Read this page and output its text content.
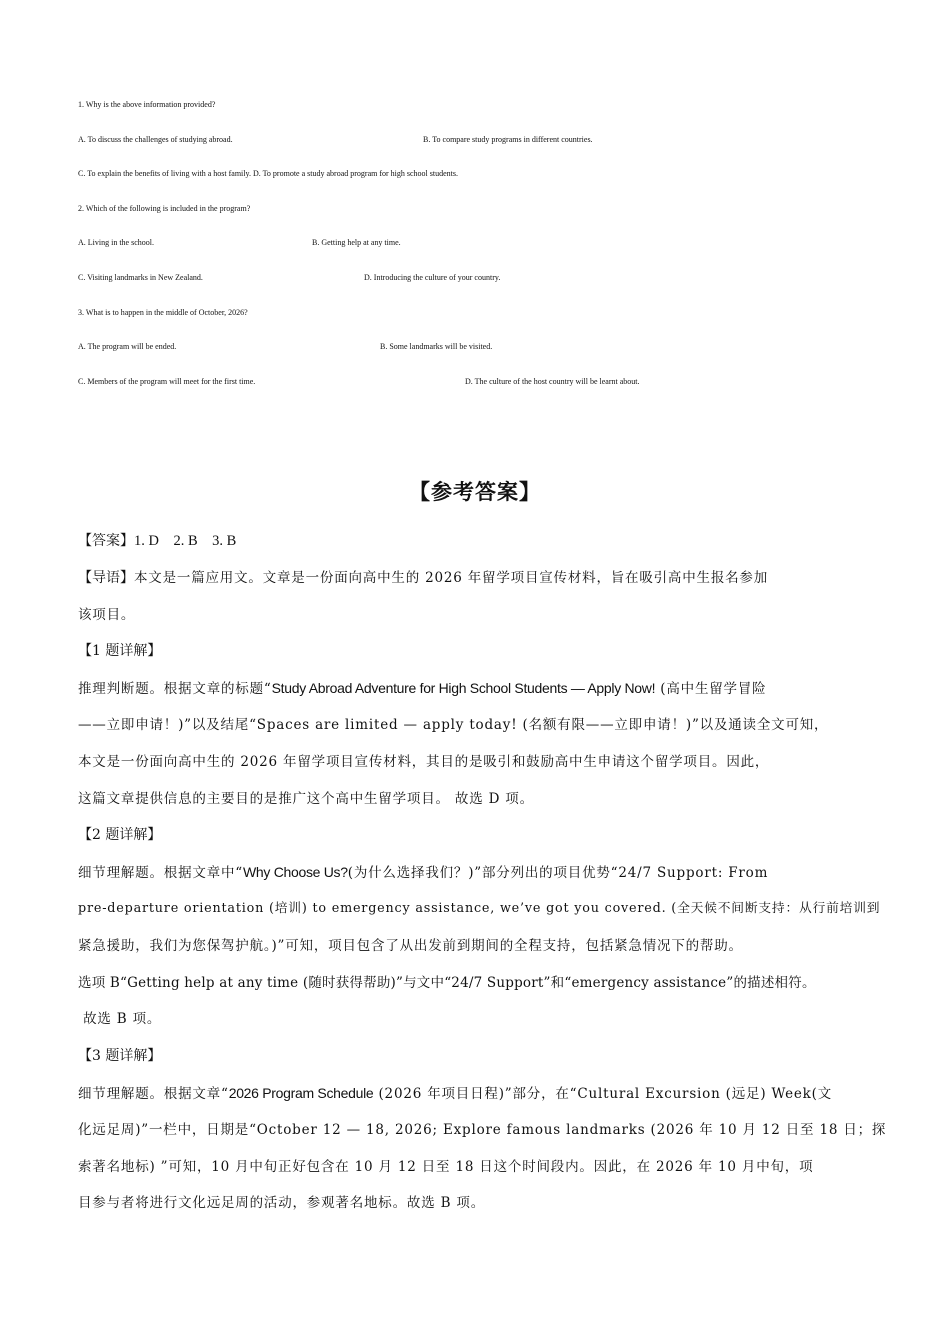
1. Why is the above information provided?
A. To discuss the challenges of studying abroad.	B. To compare study programs in different countries.
C. To explain the benefits of living with a host family. D. To promote a study abroad program for high school students.
2. Which of the following is included in the program?
A. Living in the school.	B. Getting help at any time.
C. Visiting landmarks in New Zealand.	D. Introducing the culture of your country.
3. What is to happen in the middle of October, 2026?
A. The program will be ended.	B. Some landmarks will be visited.
C. Members of the program will meet for the first time.	D. The culture of the host country will be learnt about.
【参考答案】
【答案】1. D    2. B    3. B
【导语】本文是一篇应用文。文章是一份面向高中生的 2026 年留学项目宣传材料，旨在吸引高中生报名参加
该项目。
【1 题详解】
推理判断题。根据文章的标题“Study Abroad Adventure for High School Students — Apply Now! (高中生留学冒险
——立即申请！)”以及结尾“Spaces are limited — apply today! (名额有限——立即申请！)”以及通读全文可知，
本文是一份面向高中生的 2026 年留学项目宣传材料，其目的是吸引和鼓励高中生申请这个留学项目。因此，
这篇文章提供信息的主要目的是推广这个高中生留学项目。 故选 D 项。
【2 题详解】
细节理解题。根据文章中“Why Choose Us?(为什么选择我们？)”部分列出的项目优势“24/7 Support: From
pre-departure orientation (培训) to emergency assistance, we’ve got you covered. (全天候不间断支持：从行前培训到
紧急援助，我们为您保驾护航。)”可知，项目包含了从出发前到期间的全程支持，包括紧急情况下的帮助。
选项 B“Getting help at any time (随时获得帮助)”与文中“24/7 Support”和“emergency assistance”的描述相符。
故选 B 项。
【3 题详解】
细节理解题。根据文章“2026 Program Schedule (2026 年项目日程)”部分，在“Cultural Excursion (远足) Week(文
化远足周)”一栏中，日期是“October 12 — 18, 2026; Explore famous landmarks (2026 年 10 月 12 日至 18 日；探
索著名地标) ”可知，10 月中旬正好包含在 10 月 12 日至 18 日这个时间段内。因此，在 2026 年 10 月中旬，项
目参与者将进行文化远足周的活动，参观著名地标。故选 B 项。
